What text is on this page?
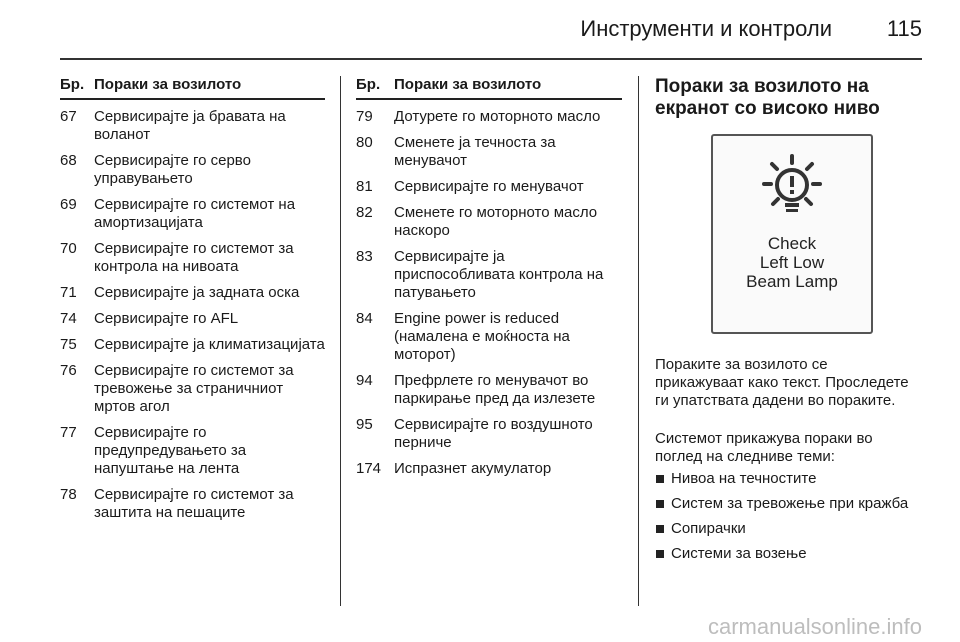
Инструменти и контроли 115
Бр. Пораки за возилото
67	Сервисирајте ја бравата на воланот
68	Сервисирајте го серво управувањето
69	Сервисирајте го системот на амортизацијата
70	Сервисирајте го системот за контрола на нивоата
71	Сервисирајте ја задната оска
74	Сервисирајте го AFL
75	Сервисирајте ја климатизацијата
76	Сервисирајте го системот за тревожење за страничниот мртов агол
77	Сервисирајте го предупредувањето за напуштање на лента
78	Сервисирајте го системот за заштита на пешаците
Бр. Пораки за возилото
79	Дотурете го моторното масло
80	Сменете ја течноста за менувачот
81	Сервисирајте го менувачот
82	Сменете го моторното масло наскоро
83	Сервисирајте ја приспособливата контрола на патувањето
84	Engine power is reduced (намалена е моќноста на моторот)
94	Префрлете го менувачот во паркирање пред да излезете
95	Сервисирајте го воздушното перниче
174 Испразнет акумулатор
Пораки за возилото на
екранот со високо ниво
Check
Left Low
Beam Lamp

Пораките за возилото се прикажуваат како текст. Проследете ги упатствата дадени во пораките.

Системот прикажува пораки во поглед на следниве теми:

Нивоа на течностите
Систем за тревожење при кражба
Сопирачки
Системи за возење
carmanualsonline.info
